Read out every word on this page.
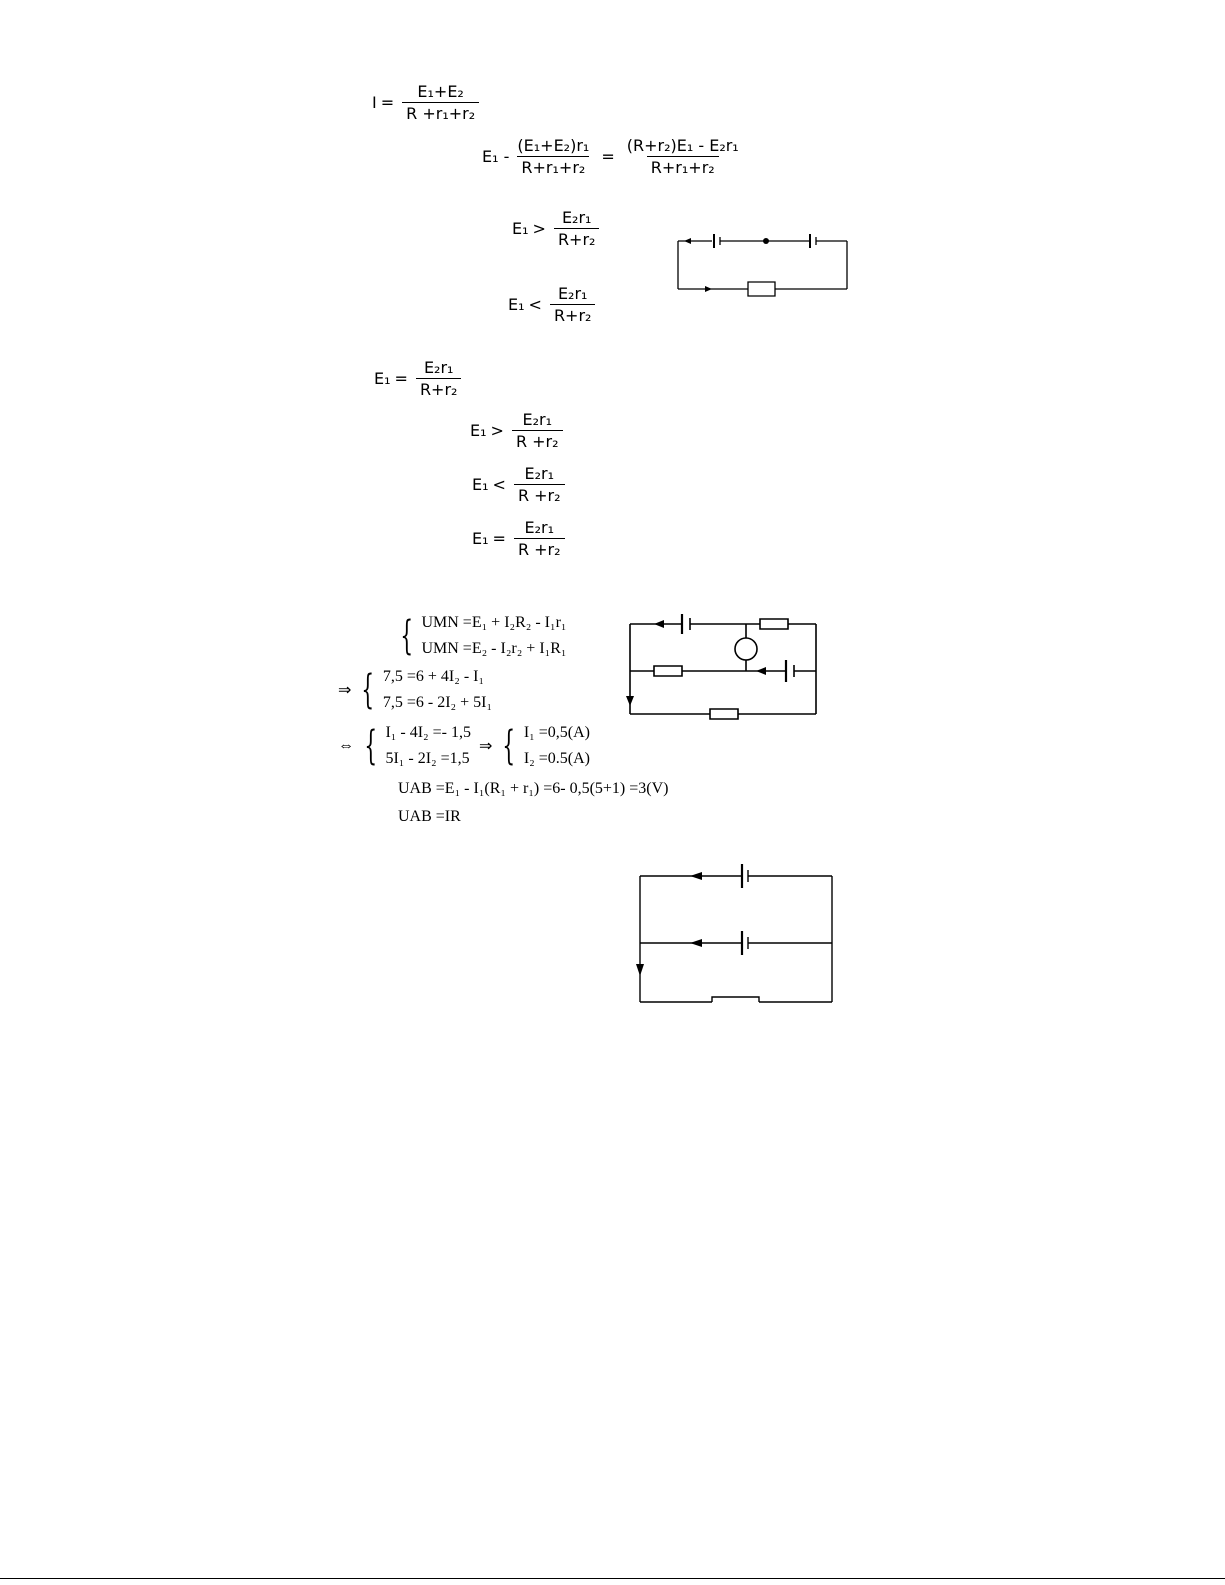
$I = \frac{\text{E₁+E₂}}{\text{R +r₁+r₂}}$
$E_1 - \frac{\text{(E₁+E₂)r₁}}{\text{R+r₁+r₂}} = \frac{\text{(R+r₂)E₁ - E₂r₁}}{\text{R+r₁+r₂}}$
$E_1 > \frac{\text{E₂r₁}}{\text{R+r₂}}$
$E_1 < \frac{\text{E₂r₁}}{\text{R+r₂}}$
$E_1 = \frac{\text{E₂r₁}}{\text{R+r₂}}$
$E_1 > \frac{\text{E₂r₁}}{\text{R +r₂}}$
$E_1 < \frac{\text{E₂r₁}}{\text{R +r₂}}$
$E_1 = \frac{\text{E₂r₁}}{\text{R +r₂}}$
{ UMN =E₁ + I₂R₂ - I₁r₁
UMN =E₂ - I₂r₂ + I₁R₁
⇒ { 7,5 =6 + 4I₂ - I₁
7,5 =6 - 2I₂ + 5I₁
⇔ { I₁ - 4I₂ =- 1,5
5I₁ - 2I₂ =1,5
⇒ { I₁ =0,5(A)
I₂ =0.5(A)
UAB =E₁ - I₁(R₁ + r₁) =6- 0,5(5+1) =3(V)
UAB =IR
